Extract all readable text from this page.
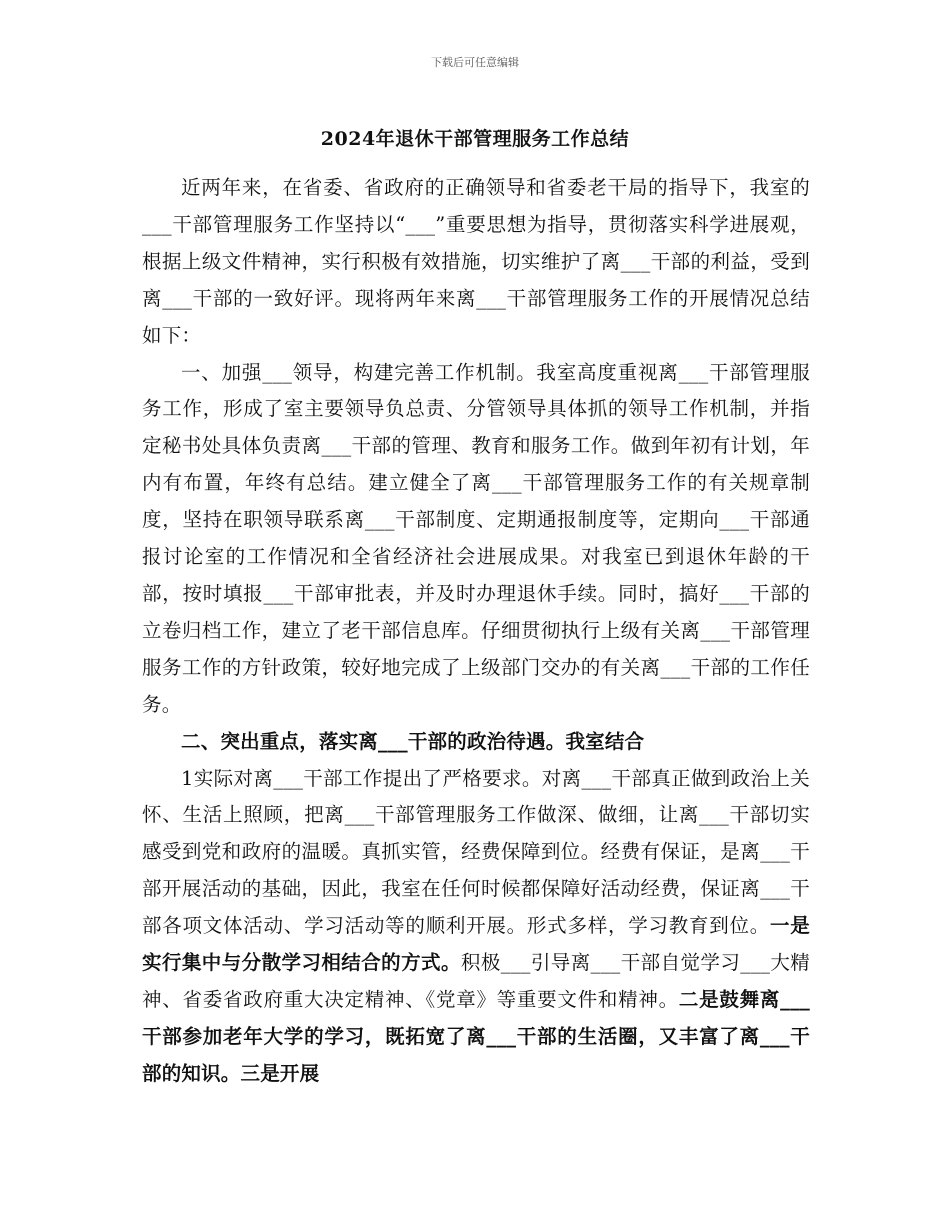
下载后可任意编辑
2024年退休干部管理服务工作总结

近两年来，在省委、省政府的正确领导和省委老干局的指导下，我室的___干部管理服务工作坚持以“___”重要思想为指导，贯彻落实科学进展观，根据上级文件精神，实行积极有效措施，切实维护了离___干部的利益，受到离___干部的一致好评。现将两年来离___干部管理服务工作的开展情况总结如下：

一、加强___领导，构建完善工作机制。我室高度重视离___干部管理服务工作，形成了室主要领导负总责、分管领导具体抓的领导工作机制，并指定秘书处具体负责离___干部的管理、教育和服务工作。做到年初有计划，年内有布置，年终有总结。建立健全了离___干部管理服务工作的有关规章制度，坚持在职领导联系离___干部制度、定期通报制度等，定期向___干部通报讨论室的工作情况和全省经济社会进展成果。对我室已到退休年龄的干部，按时填报___干部审批表，并及时办理退休手续。同时，搞好___干部的立卷归档工作，建立了老干部信息库。仔细贯彻执行上级有关离___干部管理服务工作的方针政策，较好地完成了上级部门交办的有关离___干部的工作任务。

二、突出重点，落实离___干部的政治待遇。我室结合

1实际对离___干部工作提出了严格要求。对离___干部真正做到政治上关怀、生活上照顾，把离___干部管理服务工作做深、做细，让离___干部切实感受到党和政府的温暖。真抓实管，经费保障到位。经费有保证，是离___干部开展活动的基础，因此，我室在任何时候都保障好活动经费，保证离___干部各项文体活动、学习活动等的顺利开展。形式多样，学习教育到位。一是实行集中与分散学习相结合的方式。积极___引导离___干部自觉学习___大精神、省委省政府重大决定精神、《党章》等重要文件和精神。二是鼓舞离___干部参加老年大学的学习，既拓宽了离___干部的生活圈，又丰富了离___干部的知识。三是开展
